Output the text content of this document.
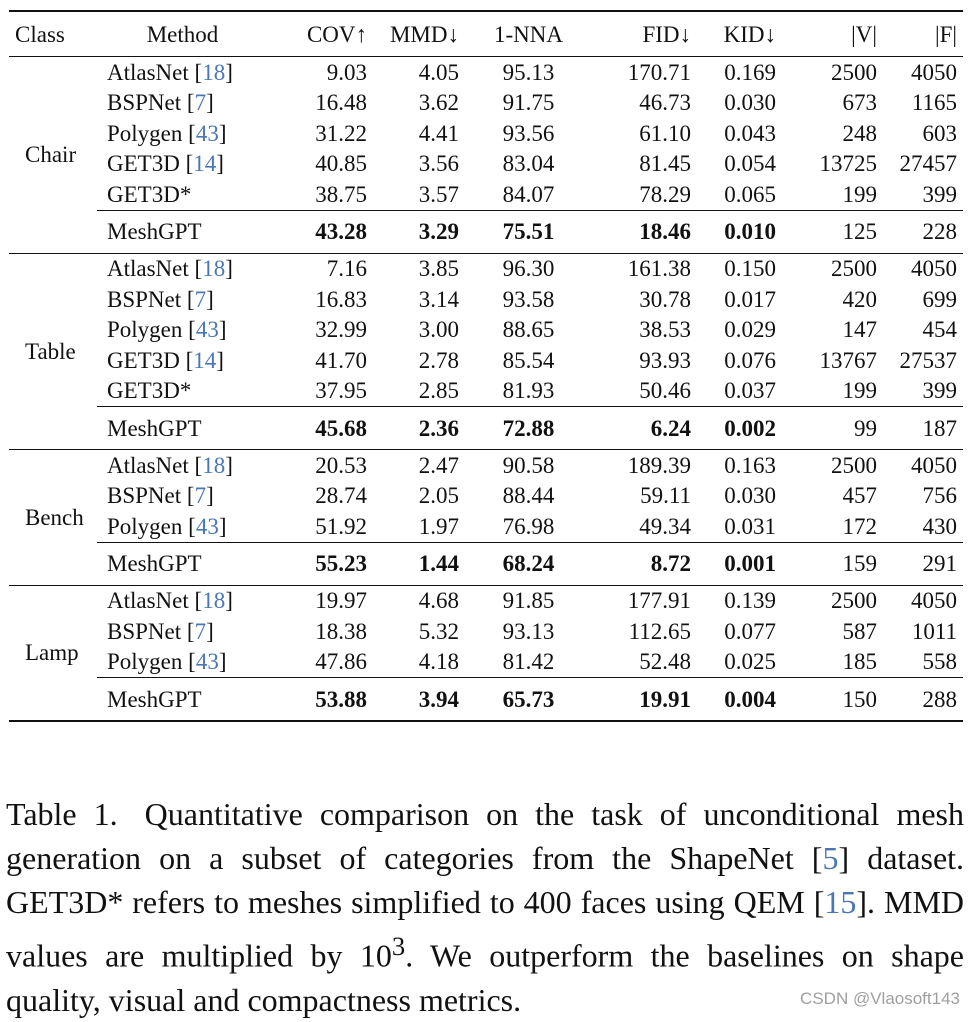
Class	Method	COV↑	MMD↓	1-NNA	FID↓	KID↓	|V|	|F|
Chair	AtlasNet [18]	9.03	4.05	95.13	170.71	0.169	2500	4050
	BSPNet [7]	16.48	3.62	91.75	46.73	0.030	673	1165
	Polygen [43]	31.22	4.41	93.56	61.10	0.043	248	603
	GET3D [14]	40.85	3.56	83.04	81.45	0.054	13725	27457
	GET3D*	38.75	3.57	84.07	78.29	0.065	199	399
	MeshGPT	43.28	3.29	75.51	18.46	0.010	125	228
Table	AtlasNet [18]	7.16	3.85	96.30	161.38	0.150	2500	4050
	BSPNet [7]	16.83	3.14	93.58	30.78	0.017	420	699
	Polygen [43]	32.99	3.00	88.65	38.53	0.029	147	454
	GET3D [14]	41.70	2.78	85.54	93.93	0.076	13767	27537
	GET3D*	37.95	2.85	81.93	50.46	0.037	199	399
	MeshGPT	45.68	2.36	72.88	6.24	0.002	99	187
Bench	AtlasNet [18]	20.53	2.47	90.58	189.39	0.163	2500	4050
	BSPNet [7]	28.74	2.05	88.44	59.11	0.030	457	756
	Polygen [43]	51.92	1.97	76.98	49.34	0.031	172	430
	MeshGPT	55.23	1.44	68.24	8.72	0.001	159	291
Lamp	AtlasNet [18]	19.97	4.68	91.85	177.91	0.139	2500	4050
	BSPNet [7]	18.38	5.32	93.13	112.65	0.077	587	1011
	Polygen [43]	47.86	4.18	81.42	52.48	0.025	185	558
	MeshGPT	53.88	3.94	65.73	19.91	0.004	150	288
Table 1. Quantitative comparison on the task of unconditional mesh generation on a subset of categories from the ShapeNet [5] dataset. GET3D* refers to meshes simplified to 400 faces using QEM [15]. MMD values are multiplied by $10^3$. We outperform the baselines on shape quality, visual and compactness metrics.	CSDN @Vlaosoft143
